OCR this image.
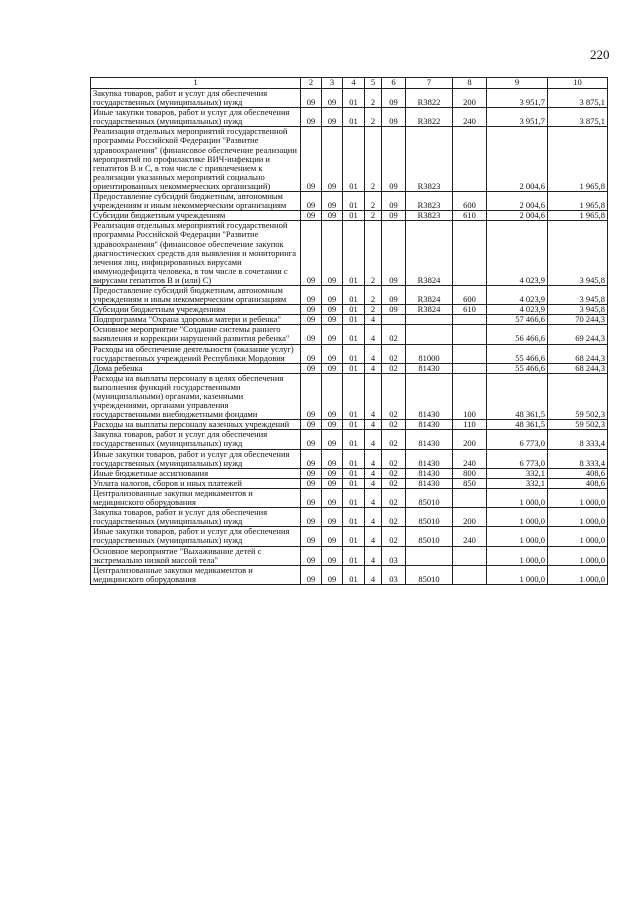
220
1	2	3	4	5	6	7	8	9	10
Закупка товаров, работ и услуг для обеспечения государственных (муниципальных) нужд	09	09	01	2	09	R3822	200	3 951,7	3 875,1
Иные закупки товаров, работ и услуг для обеспечения государственных (муниципальных) нужд	09	09	01	2	09	R3822	240	3 951,7	3 875,1
Реализация отдельных мероприятий государственной программы Российской Федерации "Развитие здравоохранения" (финансовое обеспечение реализации мероприятий по профилактике ВИЧ-инфекции и гепатитов В и С, в том числе с привлечением к реализации указанных мероприятий социально ориентированных некоммерческих организаций)	09	09	01	2	09	R3823		2 004,6	1 965,8
Предоставление субсидий бюджетным, автономным учреждениям и иным некоммерческим организациям	09	09	01	2	09	R3823	600	2 004,6	1 965,8
Субсидии бюджетным учреждениям	09	09	01	2	09	R3823	610	2 004,6	1 965,8
Реализация отдельных мероприятий государственной программы Российской Федерации "Развитие здравоохранения" (финансовое обеспечение закупок диагностических средств для выявления и мониторинга лечения лиц, инфицированных вирусами иммунодефицита человека, в том числе в сочетании с вирусами гепатитов В и (или) С)	09	09	01	2	09	R3824		4 023,9	3 945,8
Предоставление субсидий бюджетным, автономным учреждениям и иным некоммерческим организациям	09	09	01	2	09	R3824	600	4 023,9	3 945,8
Субсидии бюджетным учреждениям	09	09	01	2	09	R3824	610	4 023,9	3 945,8
Подпрограмма "Охрана здоровья матери и ребенка"	09	09	01	4				57 466,6	70 244,3
Основное мероприятие "Создание системы раннего выявления и коррекции нарушений развития ребенка"	09	09	01	4	02			56 466,6	69 244,3
Расходы на обеспечение деятельности (оказание услуг) государственных учреждений Республики Мордовия	09	09	01	4	02	81000		55 466,6	68 244,3
Дома ребенка	09	09	01	4	02	81430		55 466,6	68 244,3
Расходы на выплаты персоналу в целях обеспечения выполнения функций государственными (муниципальными) органами, казенными учреждениями, органами управления государственными внебюджетными фондами	09	09	01	4	02	81430	100	48 361,5	59 502,3
Расходы на выплаты персоналу казенных учреждений	09	09	01	4	02	81430	110	48 361,5	59 502,3
Закупка товаров, работ и услуг для обеспечения государственных (муниципальных) нужд	09	09	01	4	02	81430	200	6 773,0	8 333,4
Иные закупки товаров, работ и услуг для обеспечения государственных (муниципальных) нужд	09	09	01	4	02	81430	240	6 773,0	8 333,4
Иные бюджетные ассигнования	09	09	01	4	02	81430	800	332,1	408,6
Уплата налогов, сборов и иных платежей	09	09	01	4	02	81430	850	332,1	408,6
Централизованные закупки медикаментов и медицинского оборудования	09	09	01	4	02	85010		1 000,0	1 000,0
Закупка товаров, работ и услуг для обеспечения государственных (муниципальных) нужд	09	09	01	4	02	85010	200	1 000,0	1 000,0
Иные закупки товаров, работ и услуг для обеспечения государственных (муниципальных) нужд	09	09	01	4	02	85010	240	1 000,0	1 000,0
Основное мероприятие "Выхаживание детей с экстремально низкой массой тела"	09	09	01	4	03			1 000,0	1 000,0
Централизованные закупки медикаментов и медицинского оборудования	09	09	01	4	03	85010		1 000,0	1 000,0
